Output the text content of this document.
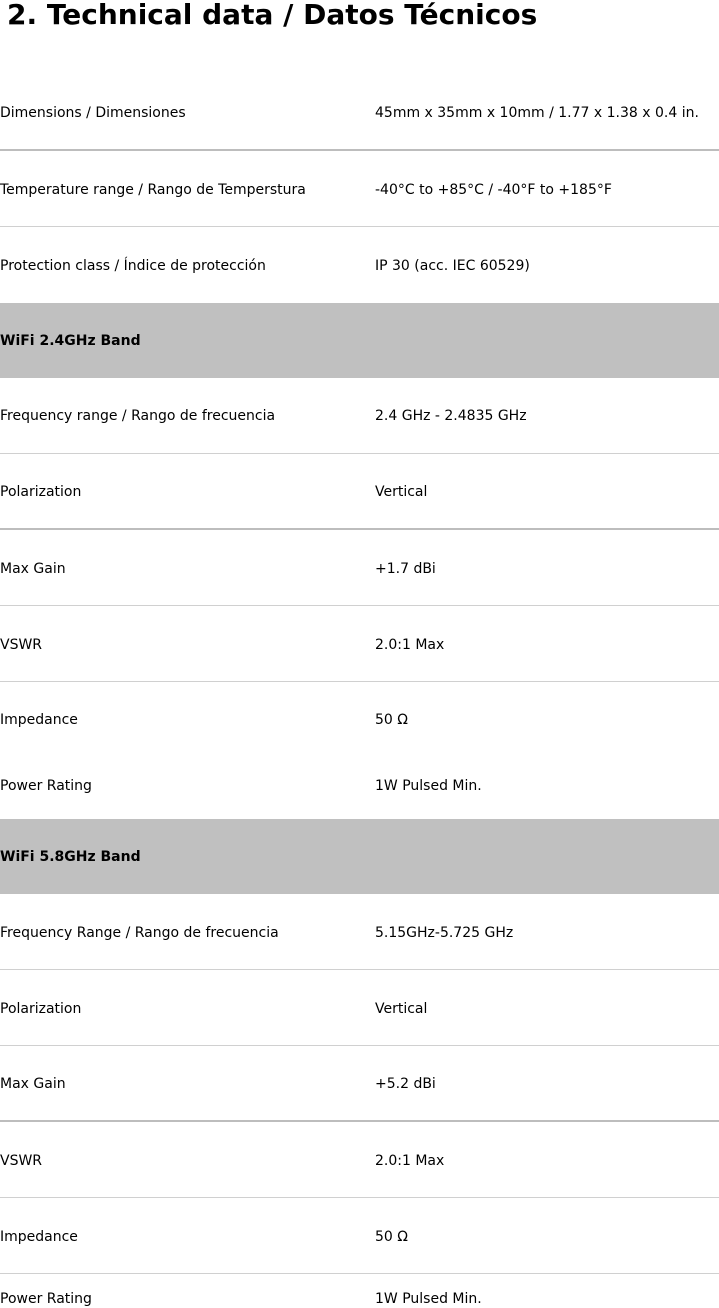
2. Technical data / Datos Técnicos
Dimensions / Dimensiones	45mm x 35mm x 10mm / 1.77 x 1.38 x 0.4 in.
Temperature range / Rango de Temperstura	-40°C to +85°C / -40°F to +185°F
Protection class / Índice de protección	IP 30 (acc. IEC 60529)
WiFi 2.4GHz Band
Frequency range / Rango de frecuencia	2.4 GHz - 2.4835 GHz
Polarization	Vertical
Max Gain	+1.7 dBi
VSWR	2.0:1 Max
Impedance	50 Ω
Power Rating	1W Pulsed Min.
WiFi 5.8GHz Band
Frequency Range / Rango de frecuencia	5.15GHz-5.725 GHz
Polarization	Vertical
Max Gain	+5.2 dBi
VSWR	2.0:1 Max
Impedance	50 Ω
Power Rating	1W Pulsed Min.
